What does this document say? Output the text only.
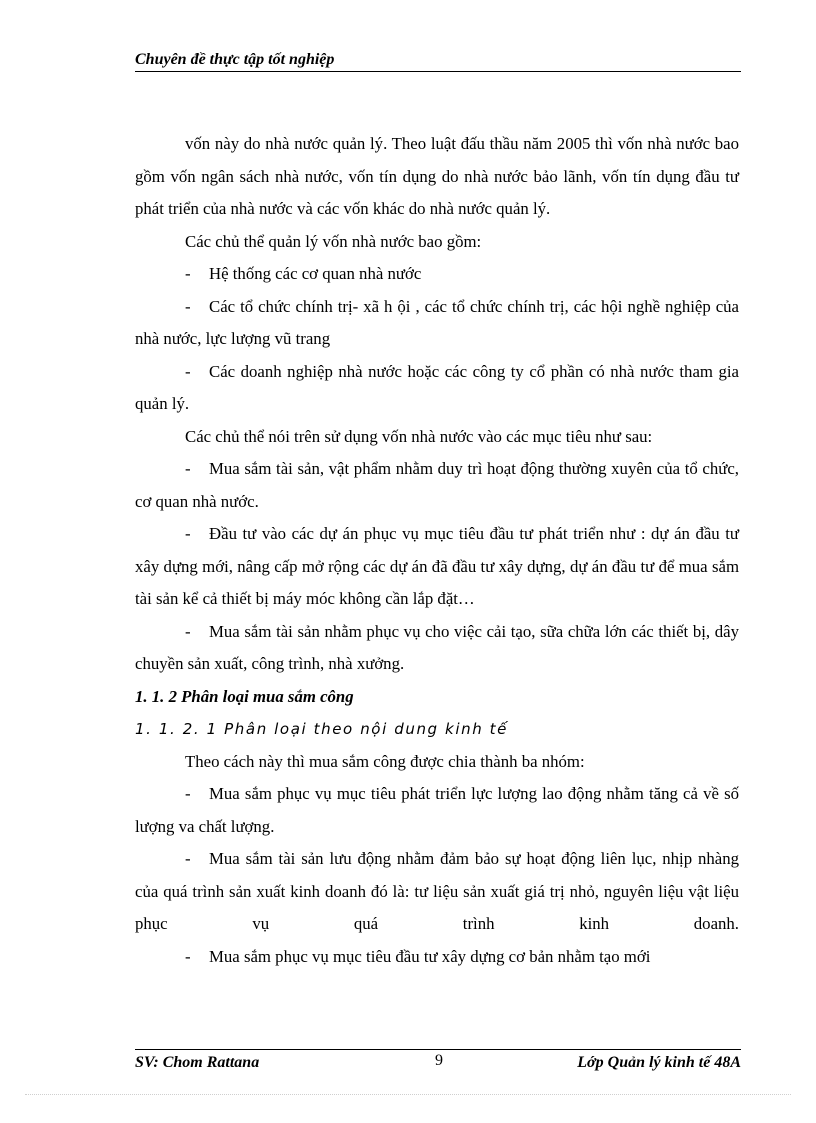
Chuyên đề thực tập tốt nghiệp

vốn này do nhà nước quản lý. Theo luật đấu thầu năm 2005 thì vốn nhà nước bao gồm vốn ngân sách nhà nước, vốn tín dụng do nhà nước bảo lãnh, vốn tín dụng đầu tư phát triển của nhà nước và các vốn khác do nhà nước quản lý.

Các chủ thể quản lý vốn nhà nước bao gồm:

- Hệ thống các cơ quan nhà nước

- Các tổ chức chính trị- xã h ội , các tổ chức chính trị, các hội nghề nghiệp của nhà nước, lực lượng vũ trang

- Các doanh nghiệp nhà nước hoặc các công ty cổ phần có nhà nước tham gia quản lý.

Các chủ thể nói trên sử dụng vốn nhà nước vào các mục tiêu như sau:

- Mua sắm tài sản, vật phẩm nhằm duy trì hoạt động thường xuyên của tổ chức, cơ quan nhà nước.

- Đầu tư vào các dự án phục vụ mục tiêu đầu tư phát triển như : dự án đầu tư xây dựng mới, nâng cấp mở rộng các dự án đã đầu tư xây dựng, dự án đầu tư để mua sắm tài sản kể cả thiết bị máy móc không cần lắp đặt…

- Mua sắm tài sản nhằm phục vụ cho việc cải tạo, sữa chữa lớn các thiết bị, dây chuyền sản xuất, công trình, nhà xưởng.

1. 1. 2 Phân loại mua sắm công

1. 1. 2. 1 Phân loại theo nội dung kinh tế

Theo cách này thì mua sắm công được chia thành ba nhóm:

- Mua sắm phục vụ mục tiêu phát triển lực lượng lao động nhằm tăng cả về số lượng va chất lượng.

- Mua sắm tài sản lưu động nhằm đảm bảo sự hoạt động liên lục, nhịp nhàng của quá trình sản xuất kinh doanh đó là: tư liệu sản xuất giá trị nhỏ, nguyên liệu vật liệu phục vụ quá trình kinh doanh.

- Mua sắm phục vụ mục tiêu đầu tư xây dựng cơ bản nhằm tạo mới

SV: Chom Rattana	9	Lớp Quản lý kinh tế 48A
